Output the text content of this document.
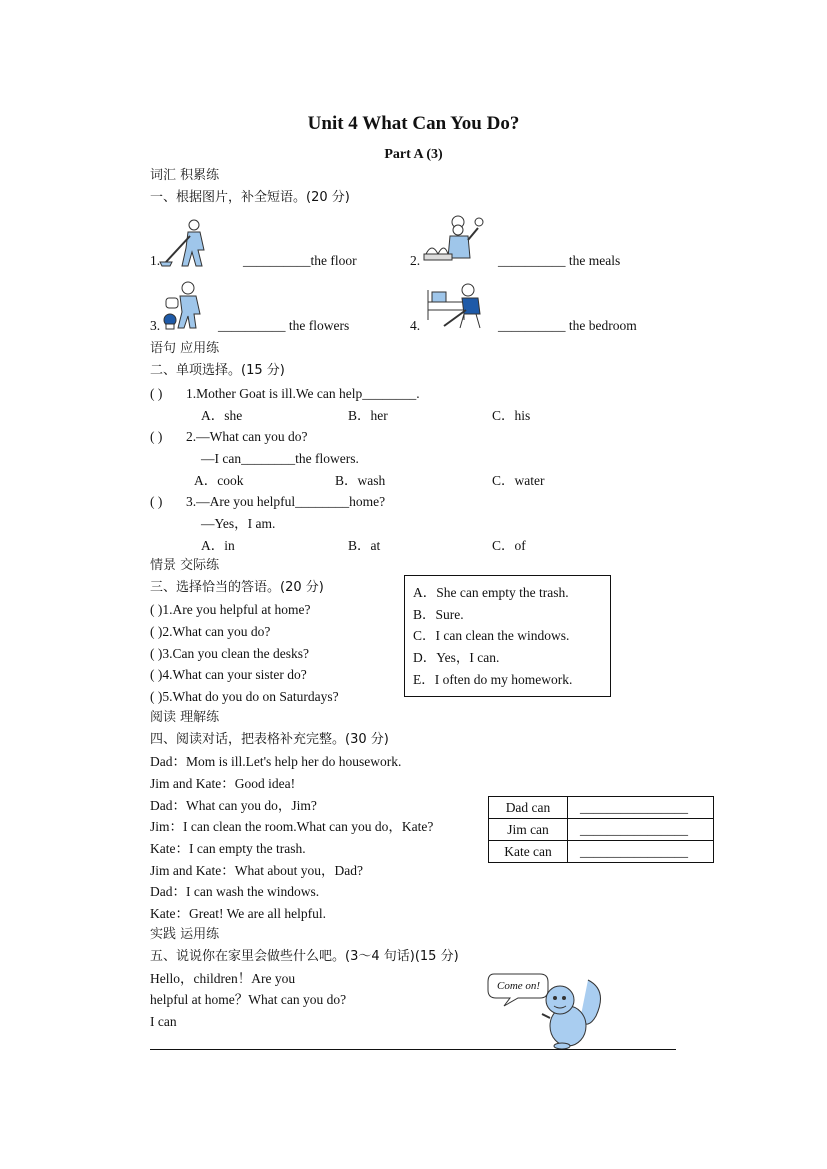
Unit 4 What Can You Do?
Part A (3)
词汇 积累练
一、根据图片，补全短语。(20 分)
1.	__________the floor	2.	__________ the meals
3.	__________ the flowers	4.	__________ the bedroom
语句 应用练
二、单项选择。(15 分)
( ) 1.Mother Goat is ill.We can help________.
A．she	B．her	C．his
( ) 2.—What can you do?
—I can________the flowers.
A．cook	B．wash	C．water
( ) 3.—Are you helpful________home?
—Yes，I am.
A．in	B．at	C．of
情景 交际练
三、选择恰当的答语。(20 分)
( )1.Are you helpful at home?
( )2.What can you do?
( )3.Can you clean the desks?
( )4.What can your sister do?
( )5.What do you do on Saturdays?
A．She can empty the trash.
B．Sure.
C．I can clean the windows.
D．Yes，I can.
E．I often do my homework.
阅读 理解练
四、阅读对话，把表格补充完整。(30 分)
Dad：Mom is ill.Let's help her do housework.
Jim and Kate：Good idea!
Dad：What can you do，Jim?
Jim：I can clean the room.What can you do，Kate?
Kate：I can empty the trash.
Jim and Kate：What about you，Dad?
Dad：I can wash the windows.
Kate：Great! We are all helpful.
Dad can	________________
Jim can	________________
Kate can	________________
实践 运用练
五、说说你在家里会做些什么吧。(3～4 句话)(15 分)
Hello，children！Are you
helpful at home？What can you do?
I can
Come on!
